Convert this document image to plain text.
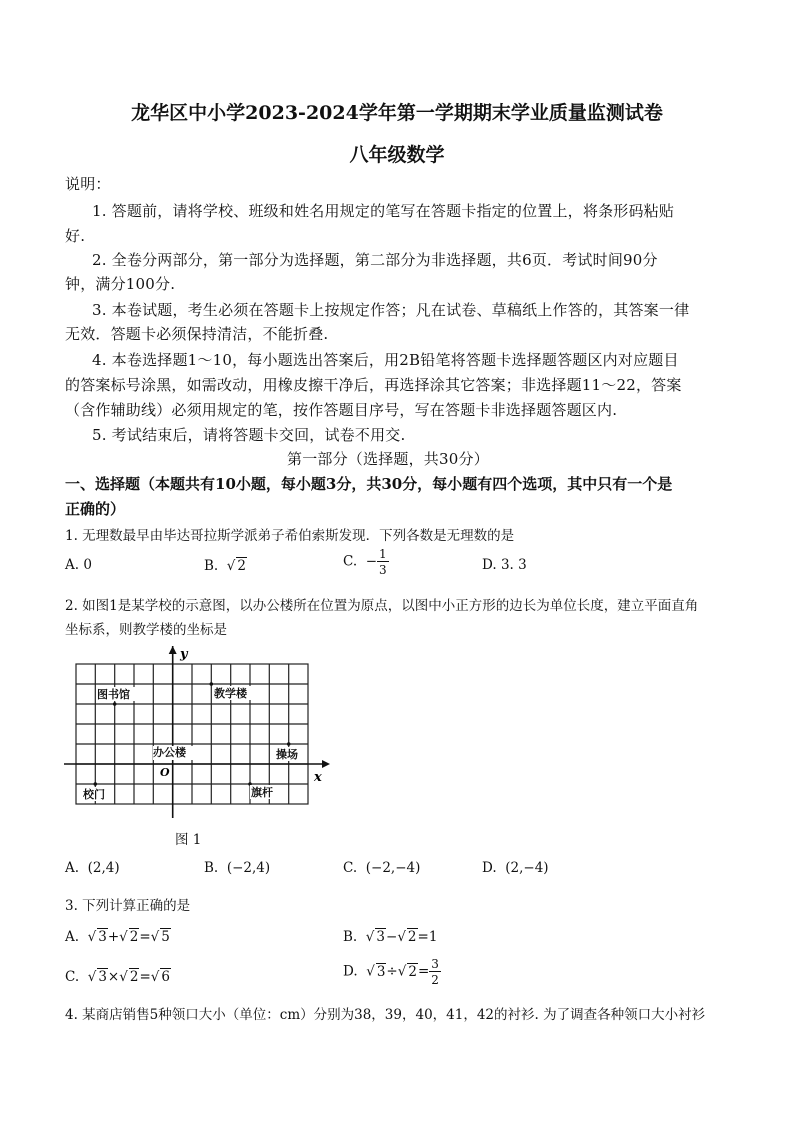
龙华区中小学2023-2024学年第一学期期末学业质量监测试卷
八年级数学
说明：
1. 答题前，请将学校、班级和姓名用规定的笔写在答题卡指定的位置上，将条形码粘贴
好.
2. 全卷分两部分，第一部分为选择题，第二部分为非选择题，共6页．考试时间90分
钟，满分100分.
3. 本卷试题，考生必须在答题卡上按规定作答；凡在试卷、草稿纸上作答的，其答案一律
无效．答题卡必须保持清洁，不能折叠.
4. 本卷选择题1～10，每小题选出答案后，用2B铅笔将答题卡选择题答题区内对应题目
的答案标号涂黑，如需改动，用橡皮擦干净后，再选择涂其它答案；非选择题11～22，答案
（含作辅助线）必须用规定的笔，按作答题目序号，写在答题卡非选择题答题区内.
5. 考试结束后，请将答题卡交回，试卷不用交.
第一部分（选择题，共30分）
一、选择题（本题共有10小题，每小题3分，共30分，每小题有四个选项，其中只有一个是
正确的）
1. 无理数最早由毕达哥拉斯学派弟子希伯索斯发现．下列各数是无理数的是
A. 0	B.  √ 2	C. − $\frac{1}{3}$	D. 3. 3
2. 如图1是某学校的示意图，以办公楼所在位置为原点，以图中小正方形的边长为单位长度，建立平面直角
坐标系，则教学楼的坐标是
y
x
O
图书馆	教学楼
办公楼	操场
校门	旗杆
图 1
A. (2,4)	B. (−2,4)	C. (−2,−4)	D. (2,−4)
3. 下列计算正确的是
A.  √ 3+√ 2=√ 5	B.  √ 3−√ 2=1
C.  √ 3×√ 2=√ 6	D.  √ 3÷√ $2= \frac{3}{2}$
4. 某商店销售5种领口大小（单位：cm）分别为38，39，40，41，42的衬衫. 为了调查各种领口大小衬衫
